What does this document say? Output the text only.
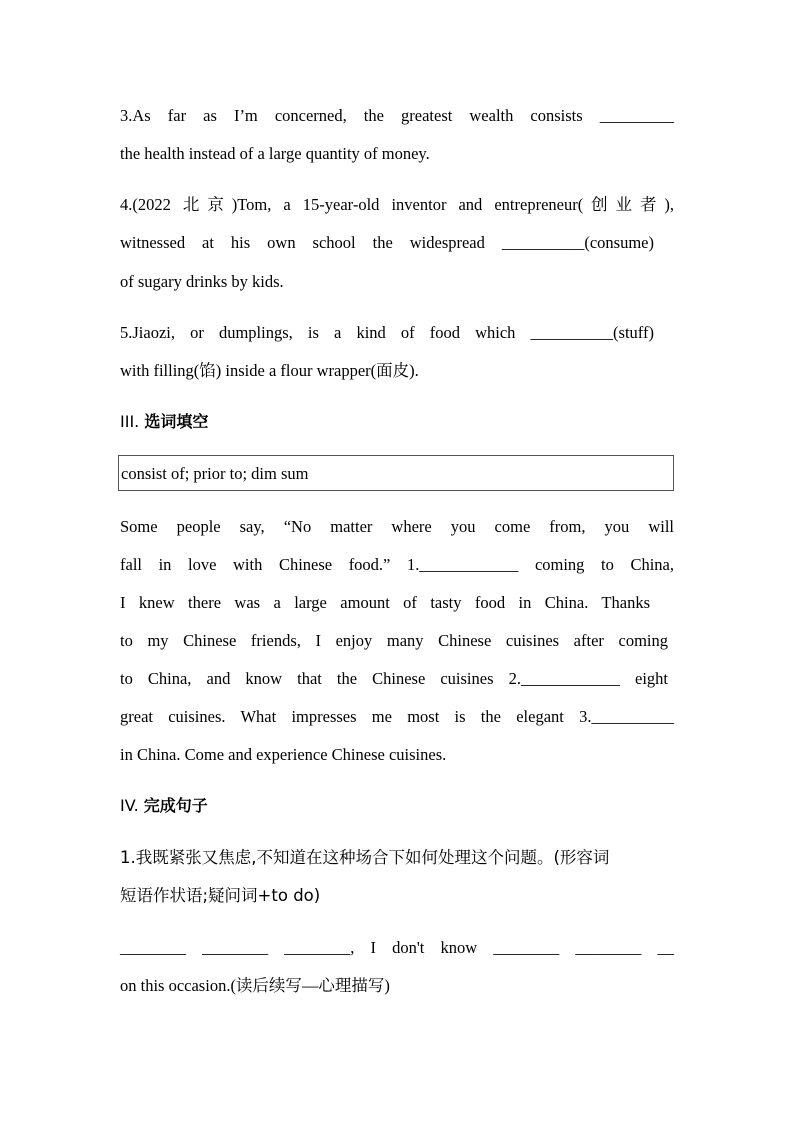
3.As far as I’m concerned, the greatest wealth consists _________
the health instead of a large quantity of money.
4.(2022 北京)Tom, a 15-year-old inventor and entrepreneur(创业者),
witnessed at his own school the widespread __________(consume)
of sugary drinks by kids.
5.Jiaozi, or dumplings, is a kind of food which __________(stuff)
with filling(馅) inside a flour wrapper(面皮).
III. 选词填空
consist of; prior to; dim sum
Some people say, “No matter where you come from, you will
fall in love with Chinese food.” 1.____________ coming to China,
I knew there was a large amount of tasty food in China. Thanks
to my Chinese friends, I enjoy many Chinese cuisines after coming
to China, and know that the Chinese cuisines 2.____________ eight
great cuisines. What impresses me most is the elegant 3.__________
in China. Come and experience Chinese cuisines.
IV. 完成句子
1.我既紧张又焦虑,不知道在这种场合下如何处理这个问题。(形容词
短语作状语;疑问词+to do)
________ ________ ________, I don't know ________ ________ __
on this occasion.(读后续写—心理描写)
